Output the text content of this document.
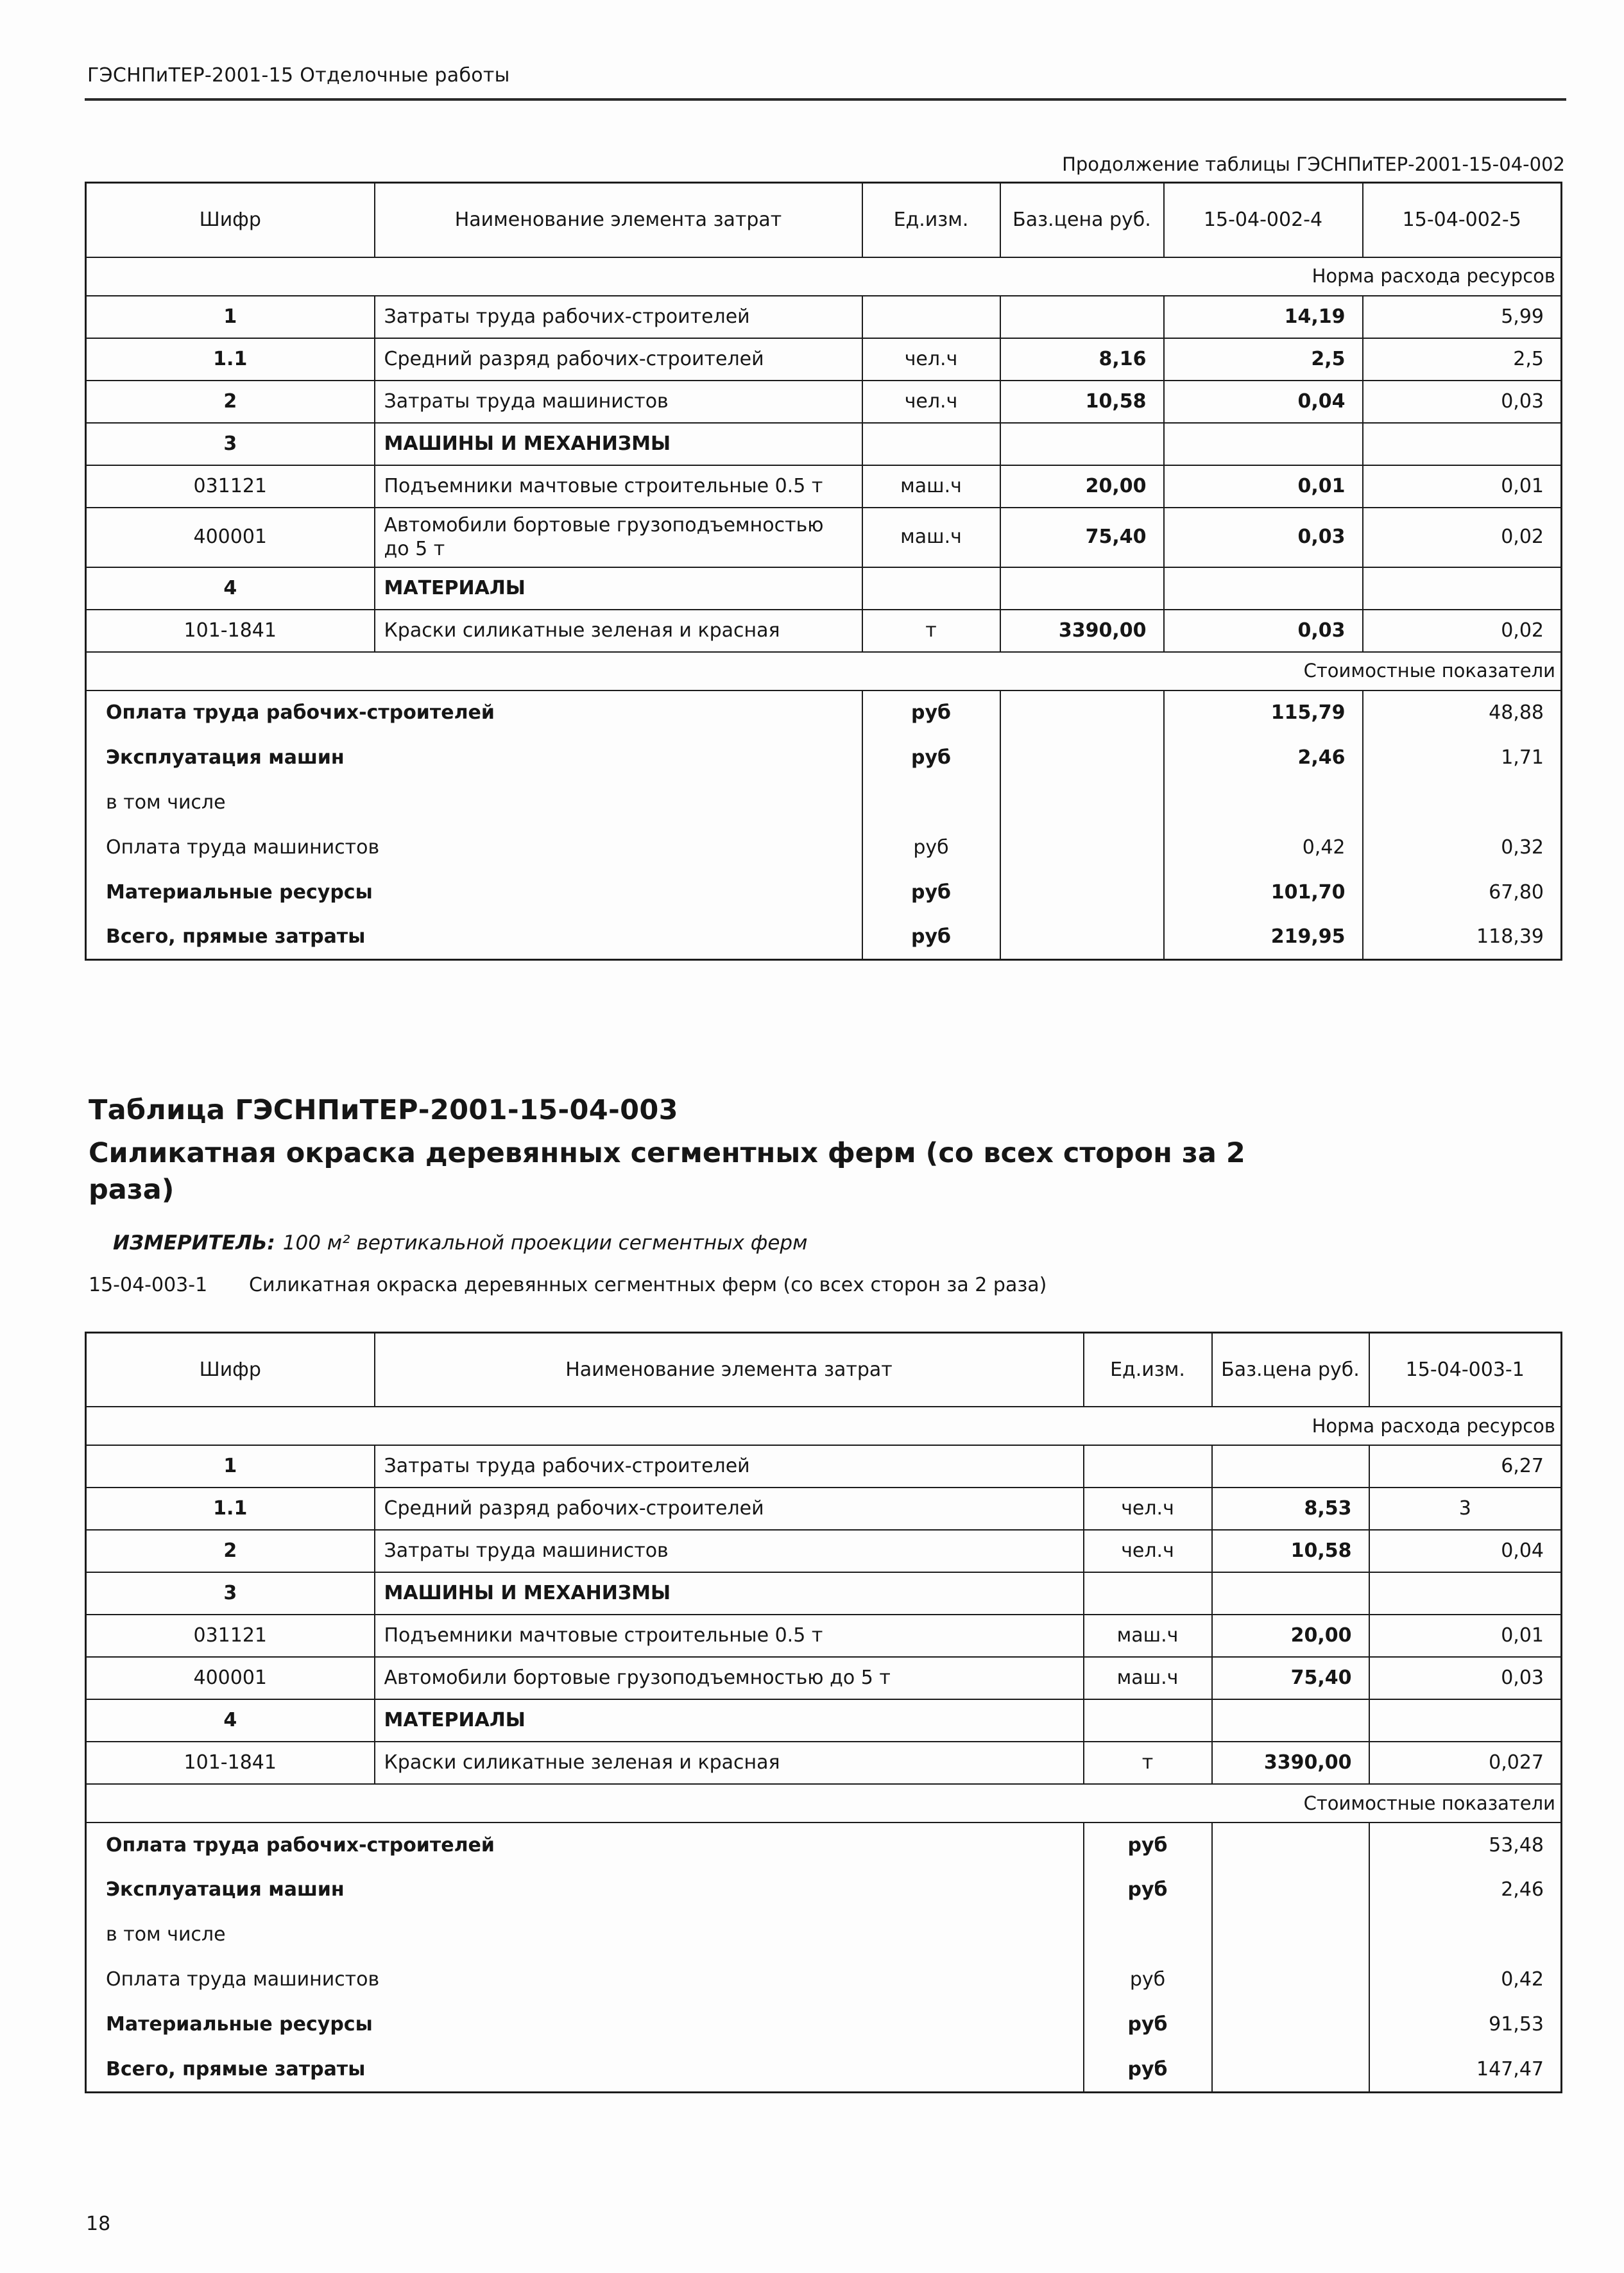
ГЭСНПиТЕР-2001-15 Отделочные работы
Продолжение таблицы ГЭСНПиТЕР-2001-15-04-002
Шифр	Наименование элемента затрат	Ед.изм.	Баз.цена руб.	15-04-002-4	15-04-002-5
Норма расхода ресурсов					
1	Затраты труда рабочих-строителей			14,19	5,99
1.1	Средний разряд рабочих-строителей	чел.ч	8,16	2,5	2,5
2	Затраты труда машинистов	чел.ч	10,58	0,04	0,03
3	МАШИНЫ И МЕХАНИЗМЫ				
031121	Подъемники мачтовые строительные 0.5 т	маш.ч	20,00	0,01	0,01
400001	Автомобили бортовые грузоподъемностью до 5 т	маш.ч	75,40	0,03	0,02
4	МАТЕРИАЛЫ				
101-1841	Краски силикатные зеленая и красная	т	3390,00	0,03	0,02
Стоимостные показатели					
Оплата труда рабочих-строителей		руб		115,79	48,88
Эксплуатация машин		руб		2,46	1,71
в том числе					
Оплата труда машинистов		руб		0,42	0,32
Материальные ресурсы		руб		101,70	67,80
Всего, прямые затраты		руб		219,95	118,39
Таблица ГЭСНПиТЕР-2001-15-04-003
Силикатная окраска деревянных сегментных ферм (со всех сторон за 2 раза)
ИЗМЕРИТЕЛЬ: 100 м² вертикальной проекции сегментных ферм
15-04-003-1	Силикатная окраска деревянных сегментных ферм (со всех сторон за 2 раза)
Шифр	Наименование элемента затрат	Ед.изм.	Баз.цена руб.	15-04-003-1
Норма расхода ресурсов				
1	Затраты труда рабочих-строителей			6,27
1.1	Средний разряд рабочих-строителей	чел.ч	8,53	3
2	Затраты труда машинистов	чел.ч	10,58	0,04
3	МАШИНЫ И МЕХАНИЗМЫ			
031121	Подъемники мачтовые строительные 0.5 т	маш.ч	20,00	0,01
400001	Автомобили бортовые грузоподъемностью до 5 т	маш.ч	75,40	0,03
4	МАТЕРИАЛЫ			
101-1841	Краски силикатные зеленая и красная	т	3390,00	0,027
Стоимостные показатели				
Оплата труда рабочих-строителей		руб		53,48
Эксплуатация машин		руб		2,46
в том числе				
Оплата труда машинистов		руб		0,42
Материальные ресурсы		руб		91,53
Всего, прямые затраты		руб		147,47
18
